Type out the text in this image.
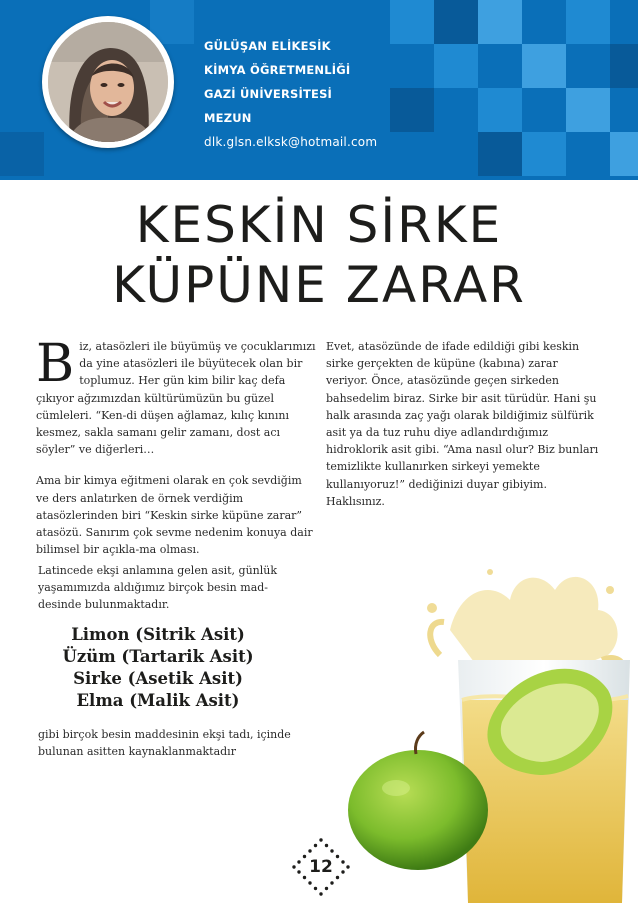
GÜLÜŞAN ELİKESİK
KİMYA ÖĞRETMENLİĞİ
GAZİ ÜNİVERSİTESİ
MEZUN
dlk.glsn.elksk@hotmail.com
KESKİN SİRKE
KÜPÜNE ZARAR

Biz, atasözleri ile büyümüş ve çocuklarımızı da yine atasözleri ile büyütecek olan bir toplumuz. Her gün kim bilir kaç defa çıkıyor ağzımızdan kültürümüzün bu güzel cümleleri. “Ken-di düşen ağlamaz, kılıç kınını kesmez, sakla samanı gelir zamanı, dost acı söyler” ve diğerleri…

Ama bir kimya eğitmeni olarak en çok sevdiğim ve ders anlatırken de örnek verdiğim atasözlerinden biri “Keskin sirke küpüne zarar” atasözü. Sanırım çok sevme nedenim konuya dair bilimsel bir açıkla-ma olması.

Evet, atasözünde de ifade edildiği gibi keskin sirke gerçekten de küpüne (kabına) zarar veriyor. Önce, atasözünde geçen sirkeden bahsedelim biraz. Sirke bir asit türüdür. Hani şu halk arasında zaç yağı olarak bildiğimiz sülfürik asit ya da tuz ruhu diye adlandırdığımız hidroklorik asit gibi. “Ama nasıl olur? Biz bunları temizlikte kullanırken sirkeyi yemekte kullanıyoruz!” dediğinizi duyar gibiyim. Haklısınız.

Latincede ekşi anlamına gelen asit, günlük yaşamımızda aldığımız birçok besin mad-desinde bulunmaktadır.
Limon (Sitrik Asit)
Üzüm (Tartarik Asit)
Sirke (Asetik Asit)
Elma (Malik Asit)
gibi birçok besin maddesinin ekşi tadı, içinde bulunan asitten kaynaklanmaktadır
12
